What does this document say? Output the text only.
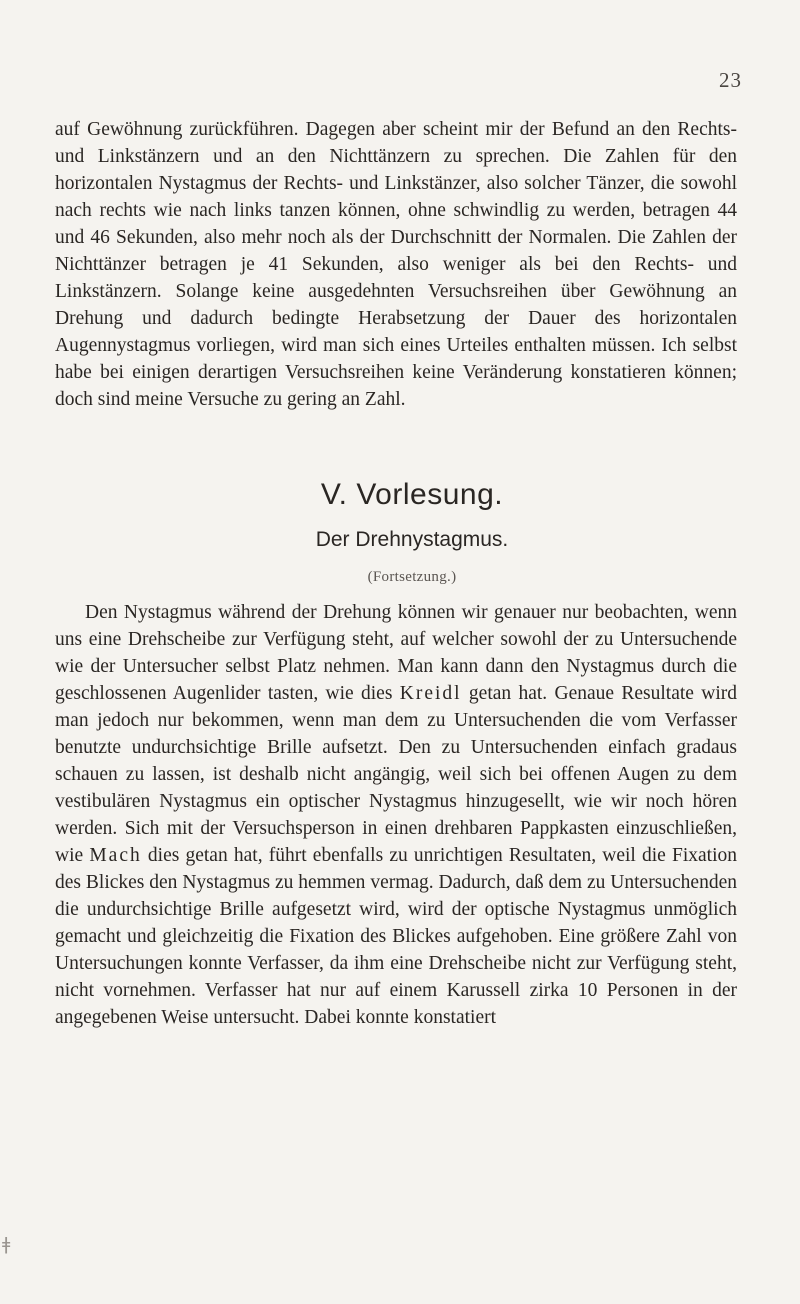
23

auf Gewöhnung zurückführen. Dagegen aber scheint mir der Befund an den Rechts- und Linkstänzern und an den Nichttänzern zu sprechen. Die Zahlen für den horizontalen Nystagmus der Rechts- und Linkstänzer, also solcher Tänzer, die sowohl nach rechts wie nach links tanzen können, ohne schwindlig zu werden, betragen 44 und 46 Sekunden, also mehr noch als der Durchschnitt der Normalen. Die Zahlen der Nichttänzer betragen je 41 Sekunden, also weniger als bei den Rechts- und Linkstänzern. Solange keine ausgedehnten Versuchsreihen über Gewöhnung an Drehung und dadurch bedingte Herabsetzung der Dauer des horizontalen Augennystagmus vorliegen, wird man sich eines Urteiles enthalten müssen. Ich selbst habe bei einigen derartigen Versuchsreihen keine Veränderung konstatieren können; doch sind meine Versuche zu gering an Zahl.

V. Vorlesung.
Der Drehnystagmus.
(Fortsetzung.)

Den Nystagmus während der Drehung können wir genauer nur beobachten, wenn uns eine Drehscheibe zur Verfügung steht, auf welcher sowohl der zu Untersuchende wie der Untersucher selbst Platz nehmen. Man kann dann den Nystagmus durch die geschlossenen Augenlider tasten, wie dies Kreidl getan hat. Genaue Resultate wird man jedoch nur bekommen, wenn man dem zu Untersuchenden die vom Verfasser benutzte undurchsichtige Brille aufsetzt. Den zu Untersuchenden einfach gradaus schauen zu lassen, ist deshalb nicht angängig, weil sich bei offenen Augen zu dem vestibulären Nystagmus ein optischer Nystagmus hinzugesellt, wie wir noch hören werden. Sich mit der Versuchsperson in einen drehbaren Pappkasten einzuschließen, wie Mach dies getan hat, führt ebenfalls zu unrichtigen Resultaten, weil die Fixation des Blickes den Nystagmus zu hemmen vermag. Dadurch, daß dem zu Untersuchenden die undurchsichtige Brille aufgesetzt wird, wird der optische Nystagmus unmöglich gemacht und gleichzeitig die Fixation des Blickes aufgehoben. Eine größere Zahl von Untersuchungen konnte Verfasser, da ihm eine Drehscheibe nicht zur Verfügung steht, nicht vornehmen. Verfasser hat nur auf einem Karussell zirka 10 Personen in der angegebenen Weise untersucht. Dabei konnte konstatiert

ǂ
